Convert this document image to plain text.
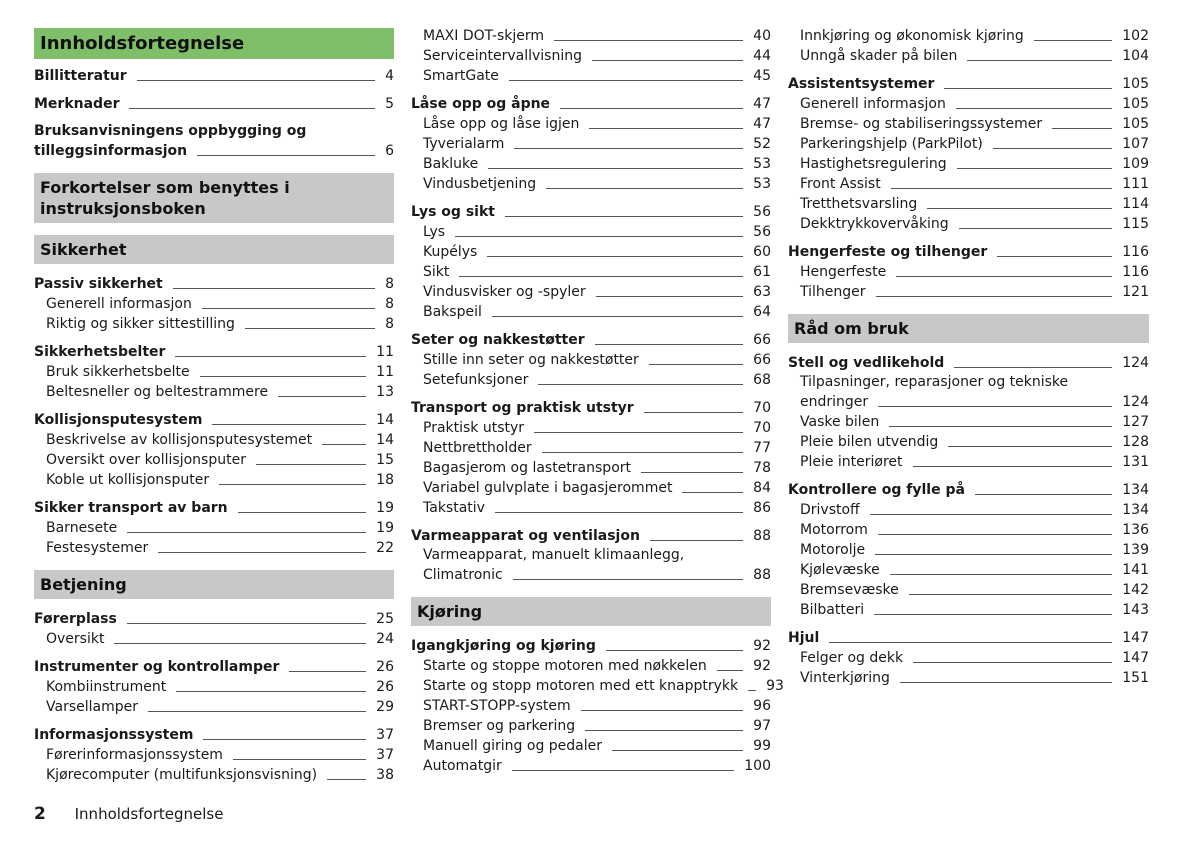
Innholdsfortegnelse
Billitteratur	4
Merknader	5
Bruksanvisningens oppbygging og
tilleggsinformasjon	6
Forkortelser som benyttes i
instruksjonsboken
Sikkerhet
Passiv sikkerhet	8
Generell informasjon	8
Riktig og sikker sittestilling	8
Sikkerhetsbelter	11
Bruk sikkerhetsbelte	11
Beltesneller og beltestrammere	13
Kollisjonsputesystem	14
Beskrivelse av kollisjonsputesystemet	14
Oversikt over kollisjonsputer	15
Koble ut kollisjonsputer	18
Sikker transport av barn	19
Barnesete	19
Festesystemer	22
Betjening
Førerplass	25
Oversikt	24
Instrumenter og kontrollamper	26
Kombiinstrument	26
Varsellamper	29
Informasjonssystem	37
Førerinformasjonssystem	37
Kjørecomputer (multifunksjonsvisning)	38
MAXI DOT-skjerm	40
Serviceintervallvisning	44
SmartGate	45
Låse opp og åpne	47
Låse opp og låse igjen	47
Tyverialarm	52
Bakluke	53
Vindusbetjening	53
Lys og sikt	56
Lys	56
Kupélys	60
Sikt	61
Vindusvisker og -spyler	63
Bakspeil	64
Seter og nakkestøtter	66
Stille inn seter og nakkestøtter	66
Setefunksjoner	68
Transport og praktisk utstyr	70
Praktisk utstyr	70
Nettbrettholder	77
Bagasjerom og lastetransport	78
Variabel gulvplate i bagasjerommet	84
Takstativ	86
Varmeapparat og ventilasjon	88
Varmeapparat, manuelt klimaanlegg,
Climatronic	88
Kjøring
Igangkjøring og kjøring	92
Starte og stoppe motoren med nøkkelen	92
Starte og stopp motoren med ett knapptrykk 93
START-STOPP-system	96
Bremser og parkering	97
Manuell giring og pedaler	99
Automatgir	100
Innkjøring og økonomisk kjøring	102
Unngå skader på bilen	104
Assistentsystemer	105
Generell informasjon	105
Bremse- og stabiliseringssystemer	105
Parkeringshjelp (ParkPilot)	107
Hastighetsregulering	109
Front Assist	111
Tretthetsvarsling	114
Dekktrykkovervåking	115
Hengerfeste og tilhenger	116
Hengerfeste	116
Tilhenger	121
Råd om bruk
Stell og vedlikehold	124
Tilpasninger, reparasjoner og tekniske
endringer	124
Vaske bilen	127
Pleie bilen utvendig	128
Pleie interiøret	131
Kontrollere og fylle på	134
Drivstoff	134
Motorrom	136
Motorolje	139
Kjølevæske	141
Bremsevæske	142
Bilbatteri	143
Hjul	147
Felger og dekk	147
Vinterkjøring	151
2 Innholdsfortegnelse
